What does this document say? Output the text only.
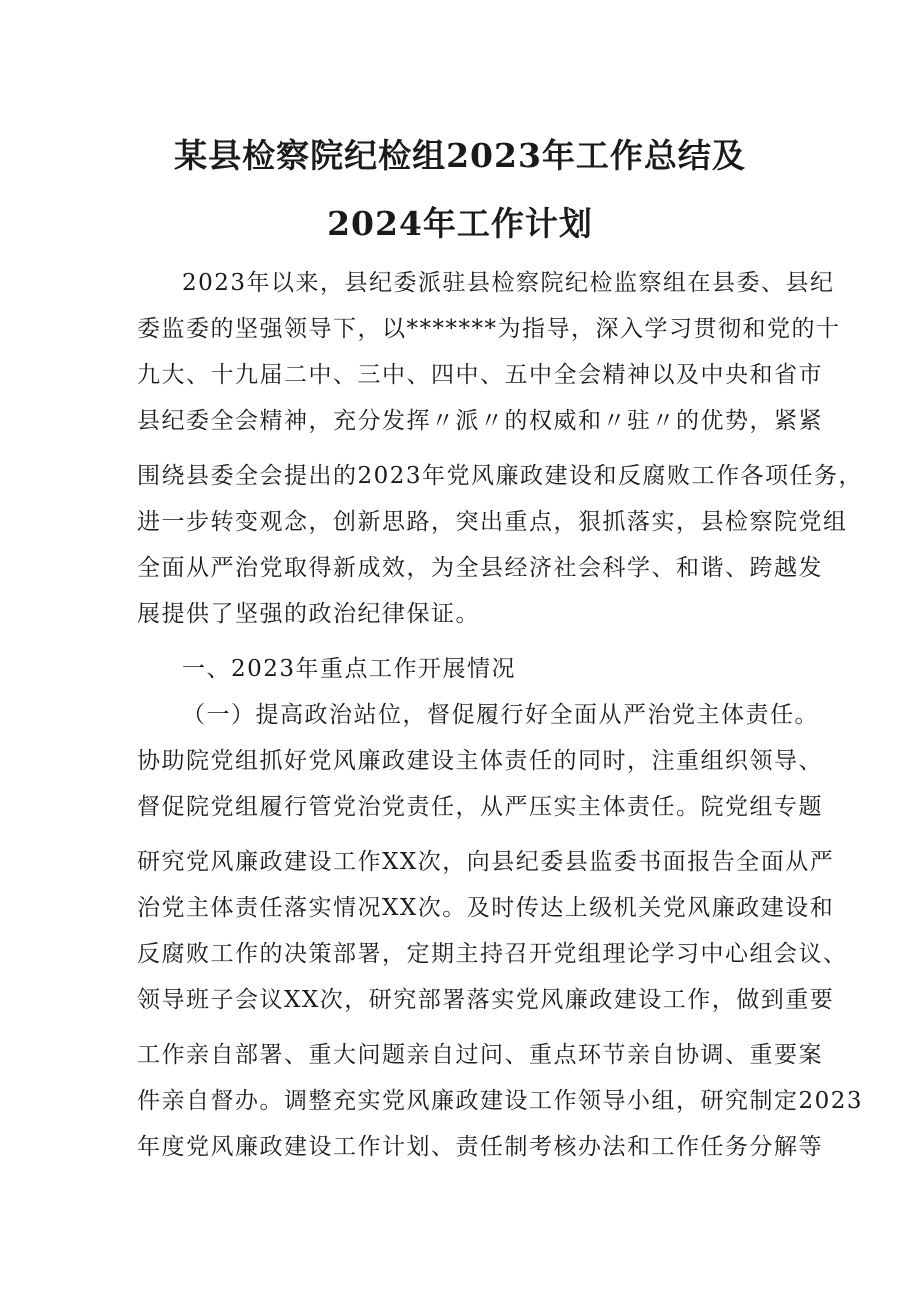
某县检察院纪检组2023年工作总结及
2024年工作计划
2023年以来，县纪委派驻县检察院纪检监察组在县委、县纪
委监委的坚强领导下，以*******为指导，深入学习贯彻和党的十
九大、十九届二中、三中、四中、五中全会精神以及中央和省市
县纪委全会精神，充分发挥〃派〃的权威和〃驻〃的优势，紧紧
围绕县委全会提出的2023年党风廉政建设和反腐败工作各项任务，
进一步转变观念，创新思路，突出重点，狠抓落实，县检察院党组
全面从严治党取得新成效，为全县经济社会科学、和谐、跨越发
展提供了坚强的政治纪律保证。
一、2023年重点工作开展情况
（一）提高政治站位，督促履行好全面从严治党主体责任。
协助院党组抓好党风廉政建设主体责任的同时，注重组织领导、
督促院党组履行管党治党责任，从严压实主体责任。院党组专题
研究党风廉政建设工作XX次，向县纪委县监委书面报告全面从严
治党主体责任落实情况XX次。及时传达上级机关党风廉政建设和
反腐败工作的决策部署，定期主持召开党组理论学习中心组会议、
领导班子会议XX次，研究部署落实党风廉政建设工作，做到重要
工作亲自部署、重大问题亲自过问、重点环节亲自协调、重要案
件亲自督办。调整充实党风廉政建设工作领导小组，研究制定2023
年度党风廉政建设工作计划、责任制考核办法和工作任务分解等
